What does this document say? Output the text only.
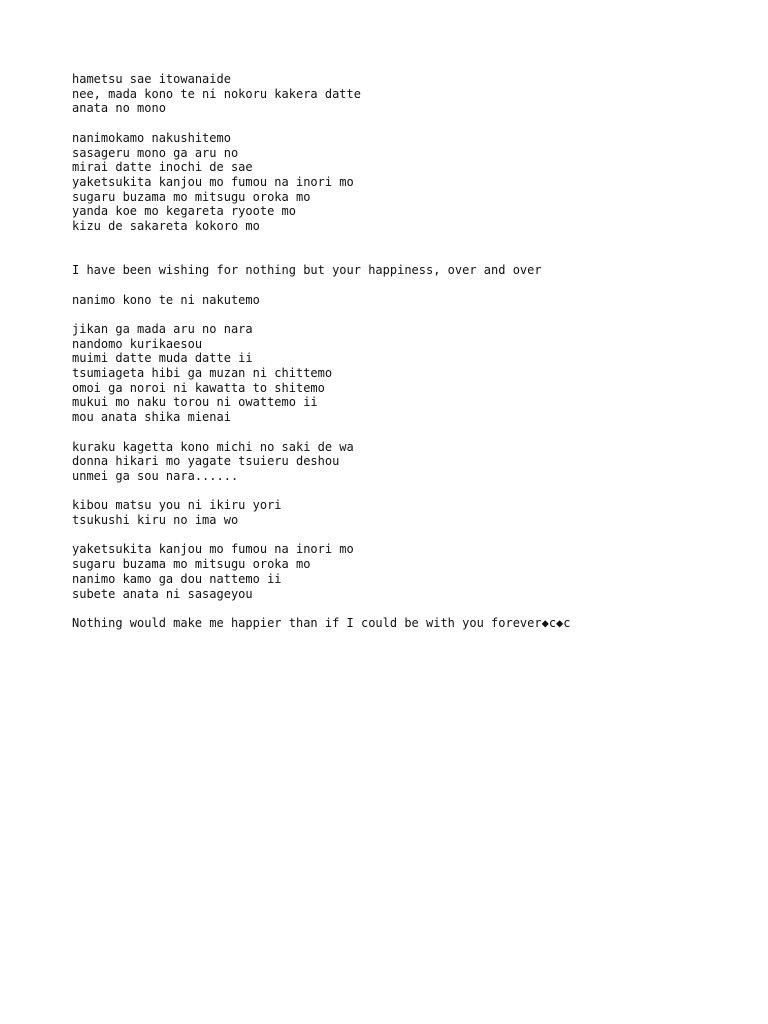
hametsu sae itowanaide
nee, mada kono te ni nokoru kakera datte
anata no mono
nanimokamo nakushitemo
sasageru mono ga aru no
mirai datte inochi de sae
yaketsukita kanjou mo fumou na inori mo
sugaru buzama mo mitsugu oroka mo
yanda koe mo kegareta ryoote mo
kizu de sakareta kokoro mo
I have been wishing for nothing but your happiness, over and over
nanimo kono te ni nakutemo
jikan ga mada aru no nara
nandomo kurikaesou
muimi datte muda datte ii
tsumiageta hibi ga muzan ni chittemo
omoi ga noroi ni kawatta to shitemo
mukui mo naku torou ni owattemo ii
mou anata shika mienai
kuraku kagetta kono michi no saki de wa
donna hikari mo yagate tsuieru deshou
unmei ga sou nara......
kibou matsu you ni ikiru yori
tsukushi kiru no ima wo
yaketsukita kanjou mo fumou na inori mo
sugaru buzama mo mitsugu oroka mo
nanimo kamo ga dou nattemo ii
subete anata ni sasageyou
Nothing would make me happier than if I could be with you forever◆c◆c
